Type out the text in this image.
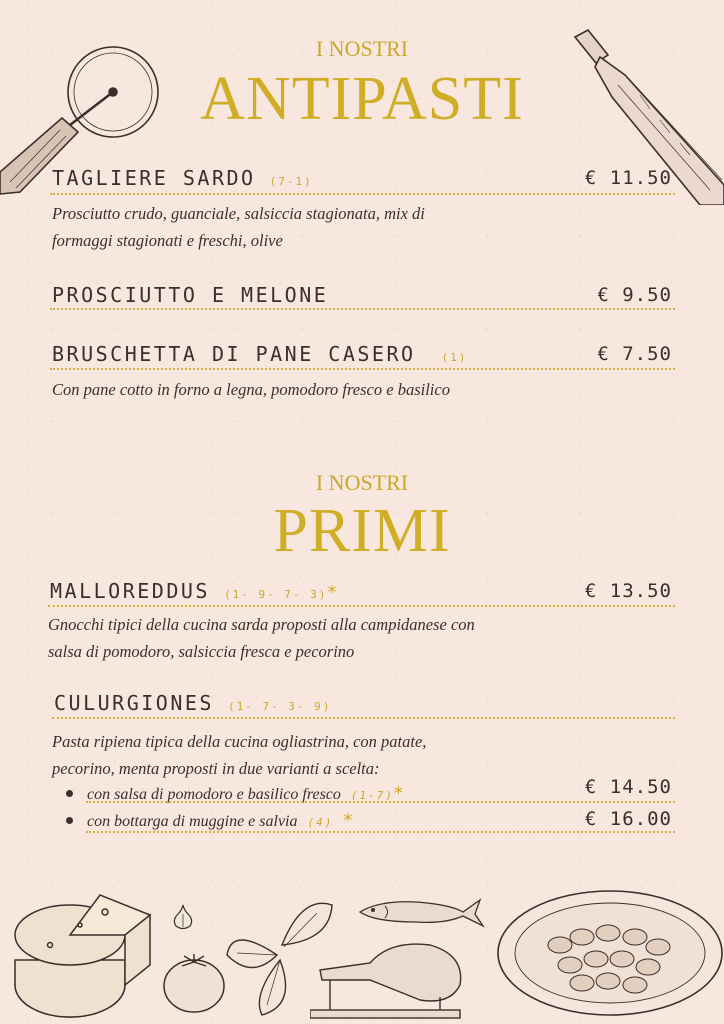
I NOSTRI
ANTIPASTI
TAGLIERE SARDO (7-1)	€ 11.50
Prosciutto crudo, guanciale, salsiccia stagionata, mix di
formaggi stagionati e freschi, olive
PROSCIUTTO E MELONE	€ 9.50
BRUSCHETTA DI PANE CASERO (1)	€ 7.50
Con pane cotto in forno a legna, pomodoro fresco e basilico
I NOSTRI
PRIMI
MALLOREDDUS (1- 9- 7- 3)*	€ 13.50
Gnocchi tipici della cucina sarda proposti alla campidanese con
salsa di pomodoro, salsiccia fresca e pecorino
CULURGIONES (1- 7- 3- 9)
Pasta ripiena tipica della cucina ogliastrina, con patate,
pecorino, menta proposti in due varianti a scelta:
con salsa di pomodoro e basilico fresco (1-7)*	€ 14.50
con bottarga di muggine e salvia (4) *	€ 16.00
